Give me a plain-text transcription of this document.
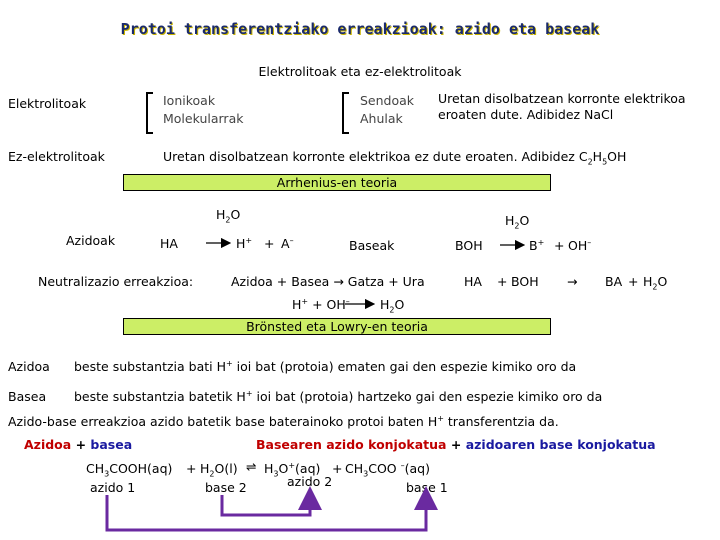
Protoi transferentziako erreakzioak: azido eta baseak
Elektrolitoak eta ez-elektrolitoak
Elektrolitoak	Ionikoak
Molekularrak
Sendoak
Ahulak
Uretan disolbatzean korronte elektrikoa
eroaten dute. Adibidez NaCl
Ez-elektrolitoak	Uretan disolbatzean korronte elektrikoa ez dute eroaten. Adibidez $C_2H_5OH$
Arrhenius-en teoria
$H_2O$	$H_2O$
Azidoak	HA	H+ + A–	Baseak	BOH	B+ + OH–
Neutralizazio erreakzioa:	Azidoa + Basea → Gatza + Ura	HA + BOH → BA + $H_2O$
H+ + OH– $H_2O$
Brönsted eta Lowry-en teoria
Azidoa beste substantzia bati H+ ioi bat (protoia) ematen gai den espezie kimiko oro da
Basea beste substantzia batetik H+ ioi bat (protoia) hartzeko gai den espezie kimiko oro da
Azido-base erreakzioa azido batetik base baterainoko protoi baten H+ transferentzia da.
Azidoa + basea	Basearen azido konjokatua + azidoaren base konjokatua
$CH_3COOH(aq) + H_2O(l)$ ⇌ $H_3O^+(aq) + CH_3COO$ –(aq)
azido 1	base 2	azido 2	base 1
